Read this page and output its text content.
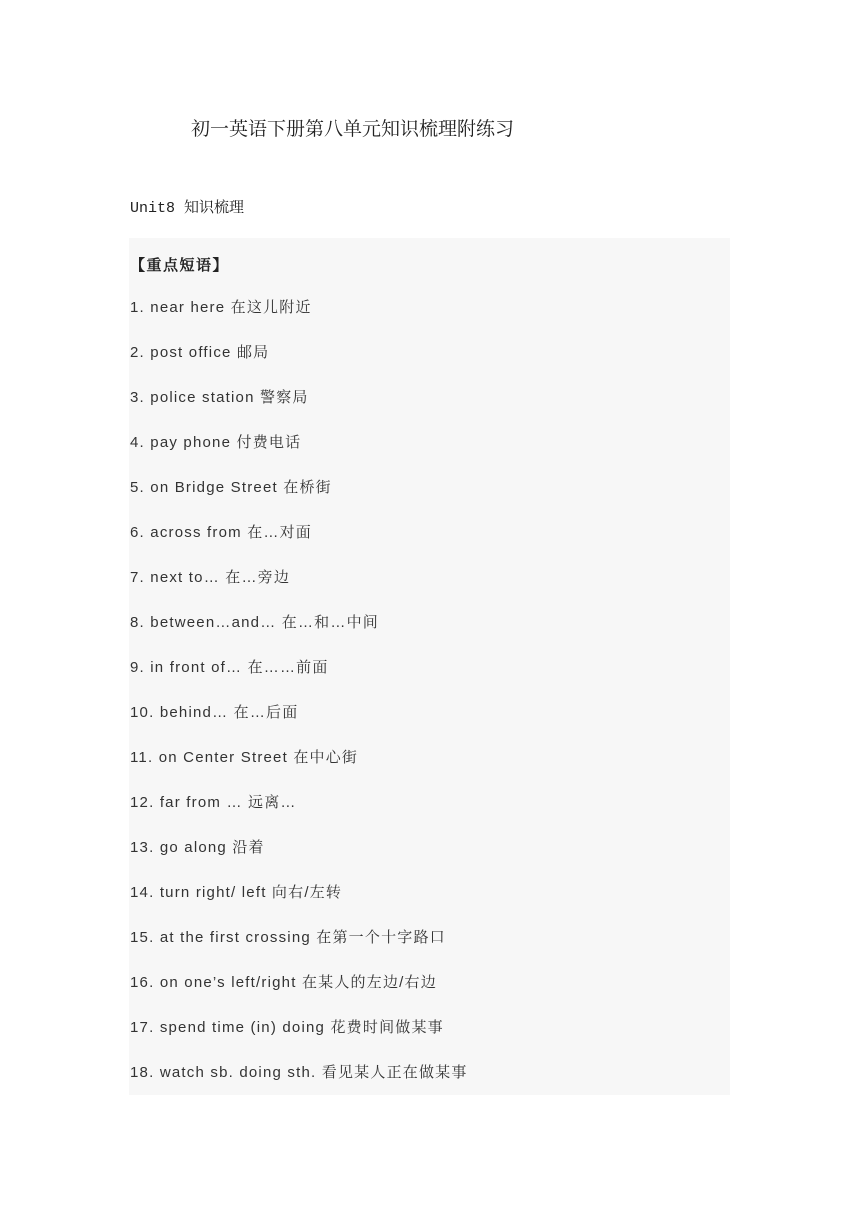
初一英语下册第八单元知识梳理附练习
Unit8 知识梳理
【重点短语】
1. near here 在这儿附近
2. post office 邮局
3. police station 警察局
4. pay phone 付费电话
5. on Bridge Street 在桥街
6. across from 在…对面
7. next to… 在…旁边
8. between…and… 在…和…中间
9. in front of… 在……前面
10. behind… 在…后面
11. on Center Street 在中心街
12. far from … 远离…
13. go along 沿着
14. turn right/ left 向右/左转
15. at the first crossing 在第一个十字路口
16. on one’s left/right 在某人的左边/右边
17. spend time (in) doing 花费时间做某事
18. watch sb. doing sth. 看见某人正在做某事
